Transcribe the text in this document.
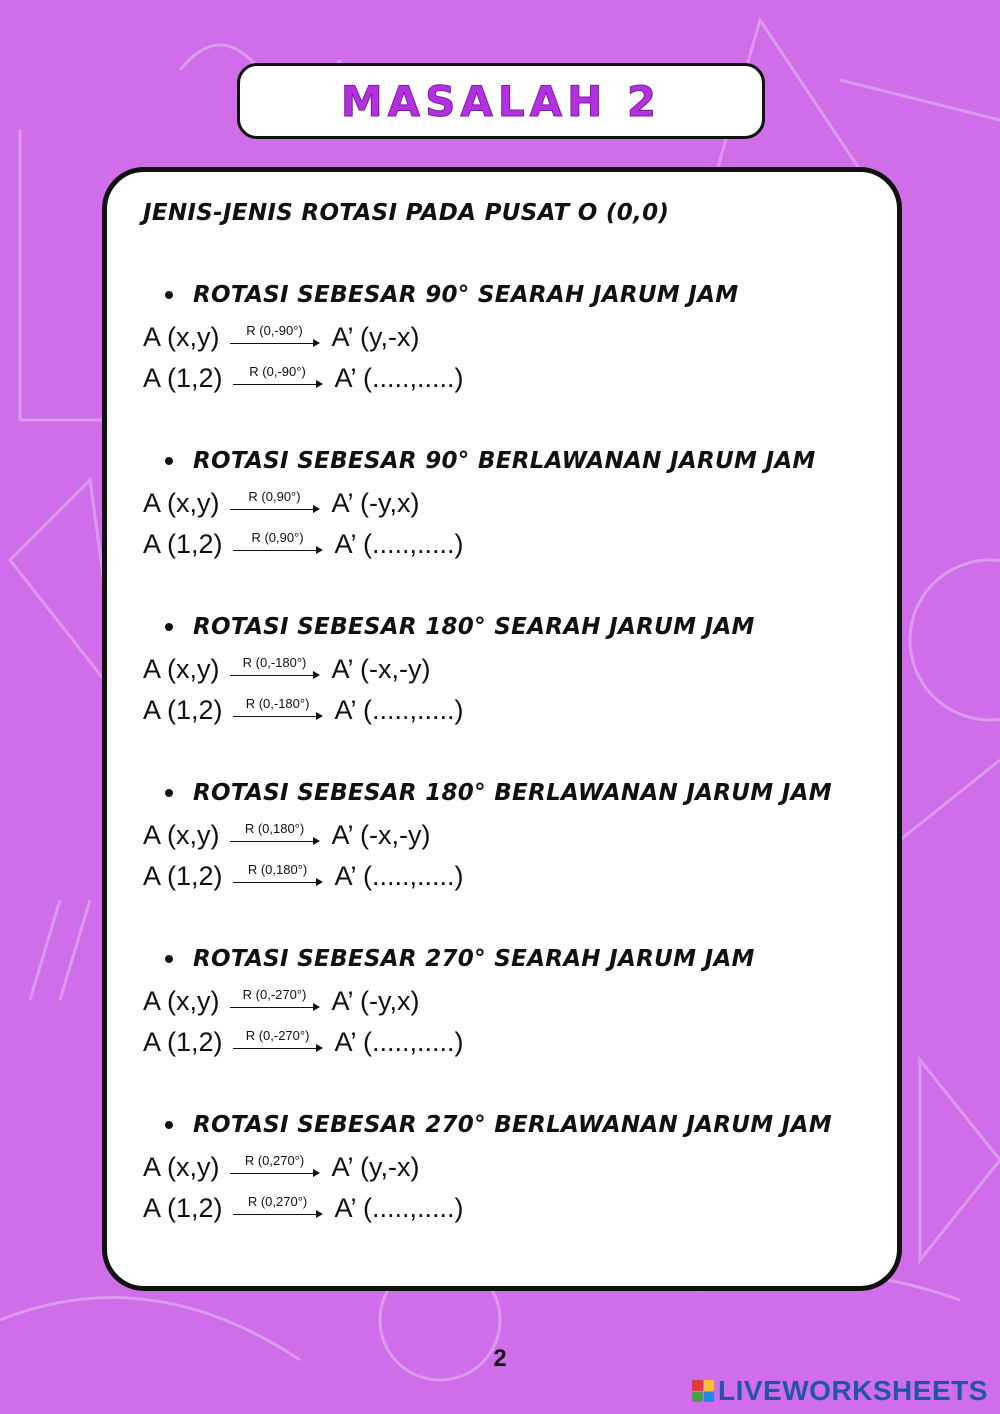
MASALAH 2
JENIS-JENIS ROTASI PADA PUSAT O (0,0)
ROTASI SEBESAR 90° SEARAH JARUM JAM
A (x,y)	R (0,-90°)	A’ (y,-x)
A (1,2)	R (0,-90°)	A’ (.....,.....)
ROTASI SEBESAR 90° BERLAWANAN JARUM JAM
A (x,y)	R (0,90°)	A’ (-y,x)
A (1,2)	R (0,90°)	A’ (.....,.....)
ROTASI SEBESAR 180° SEARAH JARUM JAM
A (x,y)	R (0,-180°) A’ (-x,-y)
A (1,2)	R (0,-180°) A’ (.....,.....)
ROTASI SEBESAR 180° BERLAWANAN JARUM JAM
A (x,y)	R (0,180°)	A’ (-x,-y)
A (1,2)	R (0,180°)	A’ (.....,.....)
ROTASI SEBESAR 270° SEARAH JARUM JAM
A (x,y)	R (0,-270°) A’ (-y,x)
A (1,2)	R (0,-270°) A’ (.....,.....)
ROTASI SEBESAR 270° BERLAWANAN JARUM JAM
A (x,y)	R (0,270°)	A’ (y,-x)
A (1,2)	R (0,270°)	A’ (.....,.....)
2
LIVEWORKSHEETS
